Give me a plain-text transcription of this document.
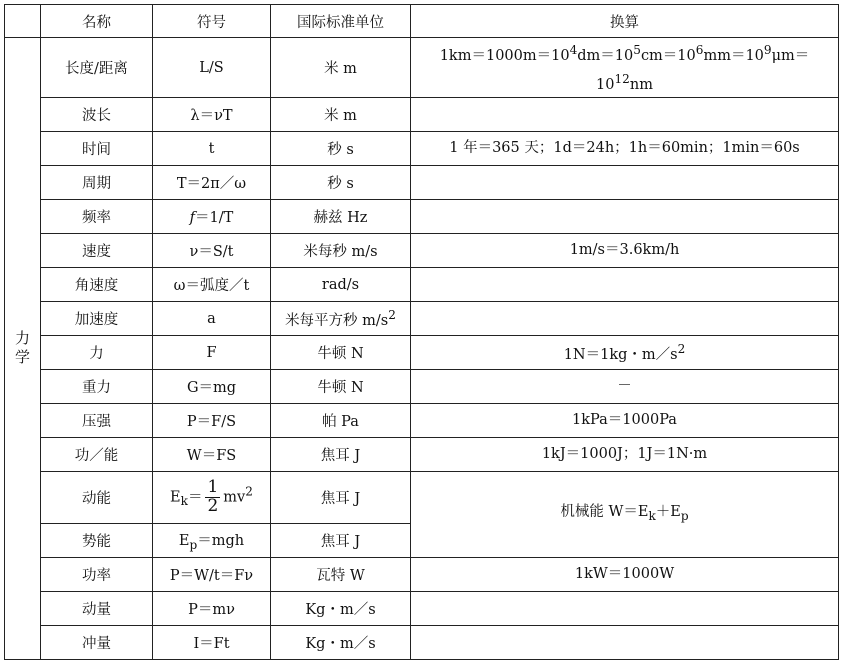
	名称	符号	国际标准单位	换算
力学	长度/距离	L/S	米 m	$1km=1000m=10^4dm=10^5cm=10^6mm=10^9\mu m=$
$10^{12}nm$
	波长	λ＝νT	米 m	
	时间	t	秒 s	1 年＝365 天；1d＝24h；1h＝60min；1min＝60s
	周期	T＝2π／ω	秒 s	
	频率	f＝1/T	赫兹 Hz	
	速度	ν＝S/t	米每秒 m/s	1m/s＝3.6km/h
	角速度	ω＝弧度／t	rad/s	
	加速度	a	米每平方秒 $m/s^2$	
	力	F	牛顿 N	1N＝1kg・$m/s^2$
	重力	G＝mg	牛顿 N	－
	压强	P＝F/S	帕 Pa	1kPa＝1000Pa
	功／能	W＝FS	焦耳 J	1kJ＝1000J；1J＝1N·m
	动能	$E_k= \frac{1}{2} mv^2$	焦耳 J	机械能 $W=E_k+E_p$
	势能	$E_p=mgh$	焦耳 J	
	功率	P＝W/t＝Fν	瓦特 W	1kW＝1000W
	动量	P＝mν	Kg・m／s	
	冲量	I＝Ft	Kg・m／s	
